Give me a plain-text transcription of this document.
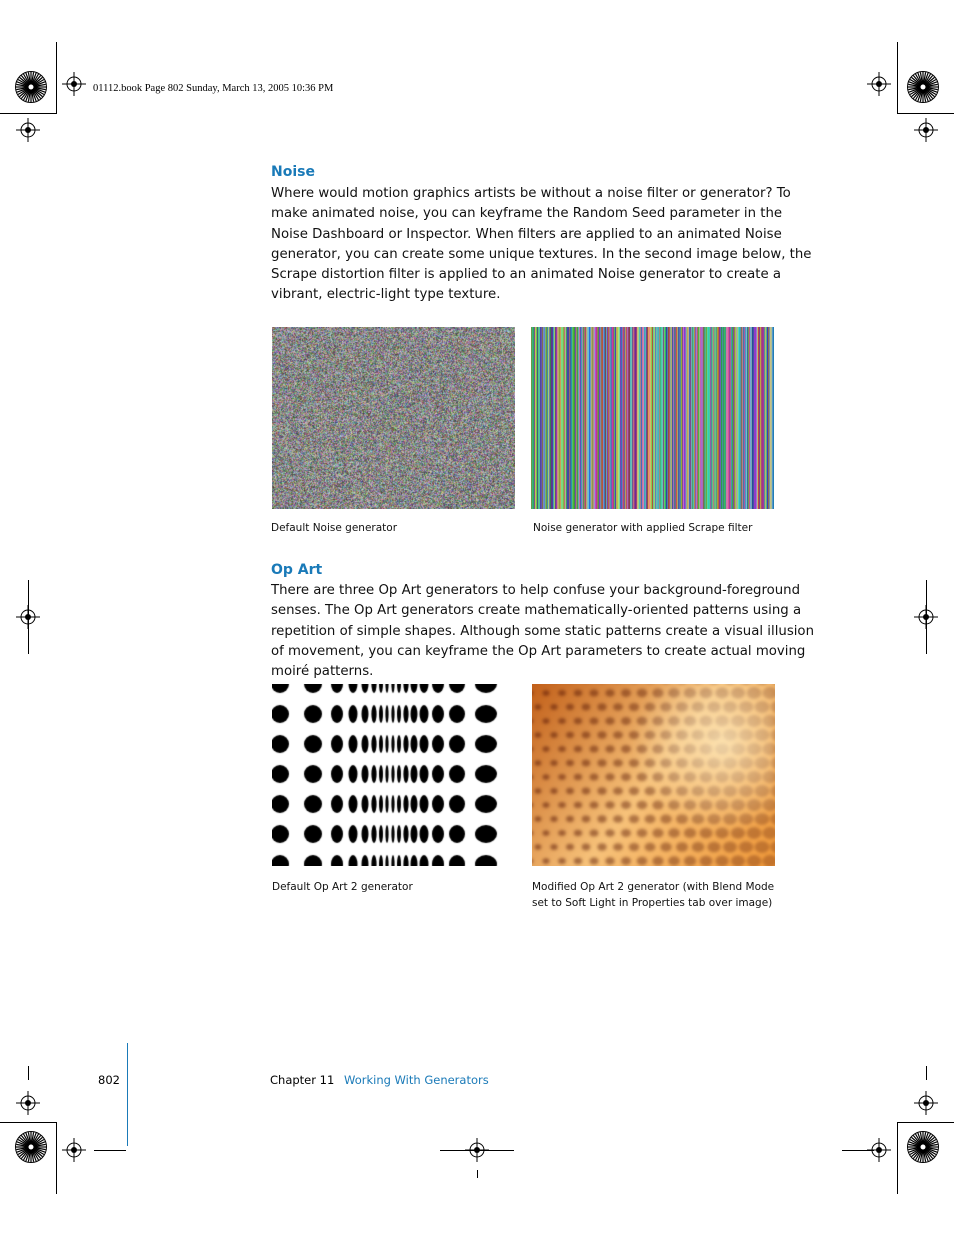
01112.book Page 802 Sunday, March 13, 2005 10:36 PM
Noise

Where would motion graphics artists be without a noise filter or generator? To make animated noise, you can keyframe the Random Seed parameter in the Noise Dashboard or Inspector. When filters are applied to an animated Noise generator, you can create some unique textures. In the second image below, the Scrape distortion filter is applied to an animated Noise generator to create a vibrant, electric-light type texture.

Default Noise generator	Noise generator with applied Scrape filter
Op Art

There are three Op Art generators to help confuse your background-foreground senses. The Op Art generators create mathematically-oriented patterns using a repetition of simple shapes. Although some static patterns create a visual illusion of movement, you can keyframe the Op Art parameters to create actual moving moiré patterns.

Default Op Art 2 generator	Modified Op Art 2 generator (with Blend Mode
set to Soft Light in Properties tab over image)
802	Chapter 11 Working With Generators
